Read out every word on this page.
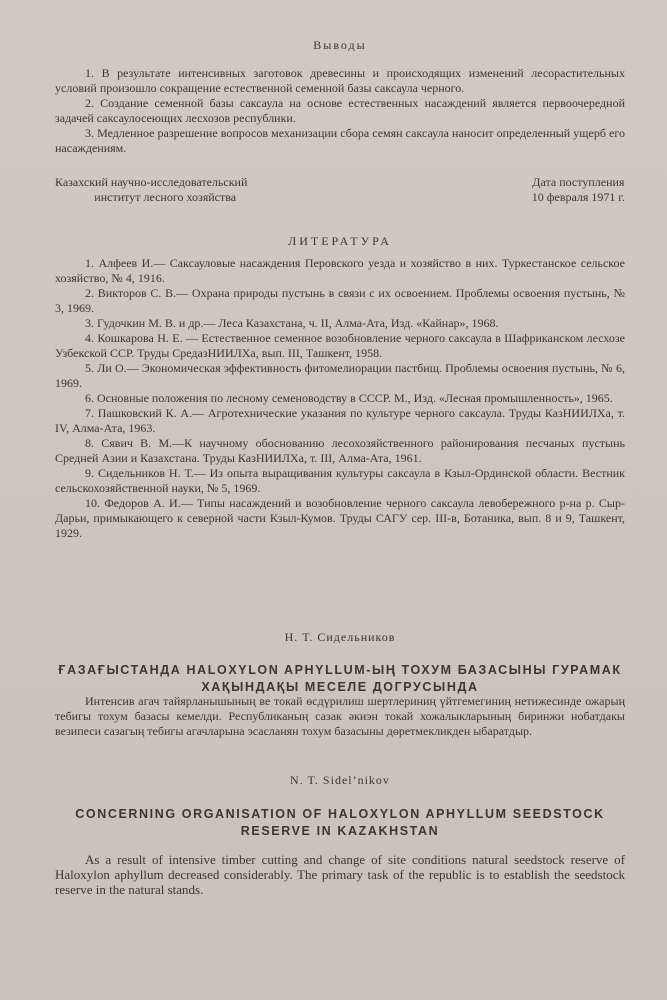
Выводы

1. В результате интенсивных заготовок древесины и происходящих изменений лесорастительных условий произошло сокращение естественной семенной базы саксаула черного.

2. Создание семенной базы саксаула на основе естественных насаждений является первоочередной задачей саксаулосеющих лесхозов республики.

3. Медленное разрешение вопросов механизации сбора семян саксаула наносит определенный ущерб его насаждениям.

Казахский научно-исследовательский
институт лесного хозяйства
Дата поступления
10 февраля 1971 г.
ЛИТЕРАТУРА

1. Алфеев И.— Саксауловые насаждения Перовского уезда и хозяйство в них. Туркестанское сельское хозяйство, № 4, 1916.

2. Викторов С. В.— Охрана природы пустынь в связи с их освоением. Проблемы освоения пустынь, № 3, 1969.

3. Гудочкин М. В. и др.— Леса Казахстана, ч. II, Алма-Ата, Изд. «Кайнар», 1968.

4. Кошкарова Н. Е. — Естественное семенное возобновление черного саксаула в Шафриканском лесхозе Узбекской ССР. Труды СредазНИИЛХа, вып. III, Ташкент, 1958.

5. Ли О.— Экономическая эффективность фитомелиорации пастбищ. Проблемы освоения пустынь, № 6, 1969.

6. Основные положения по лесному семеноводству в СССР. М., Изд. «Лесная промышленность», 1965.

7. Пашковский К. А.— Агротехнические указания по культуре черного саксаула. Труды КазНИИЛХа, т. IV, Алма-Ата, 1963.

8. Сявич В. М.—К научному обоснованию лесохозяйственного районирования песчаных пустынь Средней Азии и Казахстана. Труды КазНИИЛХа, т. III, Алма-Ата, 1961.

9. Сидельников Н. Т.— Из опыта выращивания культуры саксаула в Кзыл-Ординской области. Вестник сельскохозяйственной науки, № 5, 1969.

10. Федоров А. И.— Типы насаждений и возобновление черного саксаула левобережного р-на р. Сыр-Дарьи, примыкающего к северной части Кзыл-Кумов. Труды САГУ сер. III-в, Ботаника, вып. 8 и 9, Ташкент, 1929.

Н. Т. Сидельников
ҒАЗАҒЫСТАНДА HALOXYLON APHYLLUM-ЫҢ ТОХУМ БАЗАСЫНЫ ГУРАМАК
ХАҚЫНДАҚЫ МЕСЕЛЕ ДОГРУСЫНДА

Интенсив агач тайярланышының ве токай ѳсдүрилиш шертлериниң үйтгемегиниң нетижесинде ожарың тебигы тохум базасы кемелди. Республиканың сазак әкиэн токай хожалыкларының биринжи нобатдакы везипеси сазагың тебигы агачларына эсасланян тохум базасыны дөретмекликден ыбаратдыр.

N. T. Sidel’nikov
CONCERNING ORGANISATION OF HALOXYLON APHYLLUM SEEDSTOCK
RESERVE IN KAZAKHSTAN

As a result of intensive timber cutting and change of site conditions natural seedstock reserve of Haloxylon aphyllum decreased considerably. The primary task of the republic is to establish the seedstock reserve in the natural stands.
